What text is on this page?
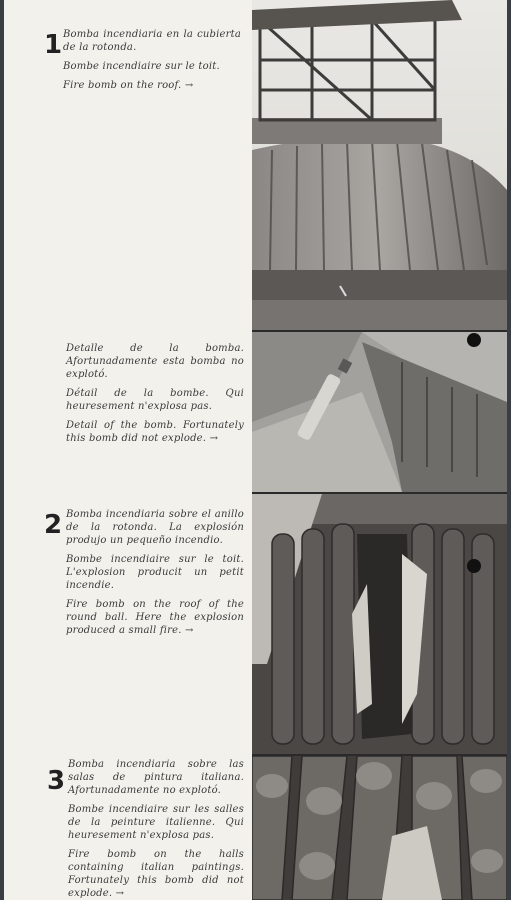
1 Bomba incendiaria en la cubierta de la rotonda.

Bombe incendiaire sur le toit.

Fire bomb on the roof. →

Detalle de la bomba. Afortunadamente esta bomba no explotó.

Détail de la bombe. Qui heuresement n'explosa pas.

Detail of the bomb. Fortunately this bomb did not explode. →

2 Bomba incendiaria sobre el anillo de la rotonda. La explosión produjo un pequeño incendio.

Bombe incendiaire sur le toit. L'explosion producit un petit incendie.

Fire bomb on the roof of the round ball. Here the explosion produced a small fire. →

3

Bomba incendiaria sobre las salas de pintura italiana. Afortunadamente no explotó.

Bombe incendiaire sur les salles de la peinture italienne. Qui heuresement n'explosa pas.

Fire bomb on the halls containing italian paintings. Fortunately this bomb did not explode. →
